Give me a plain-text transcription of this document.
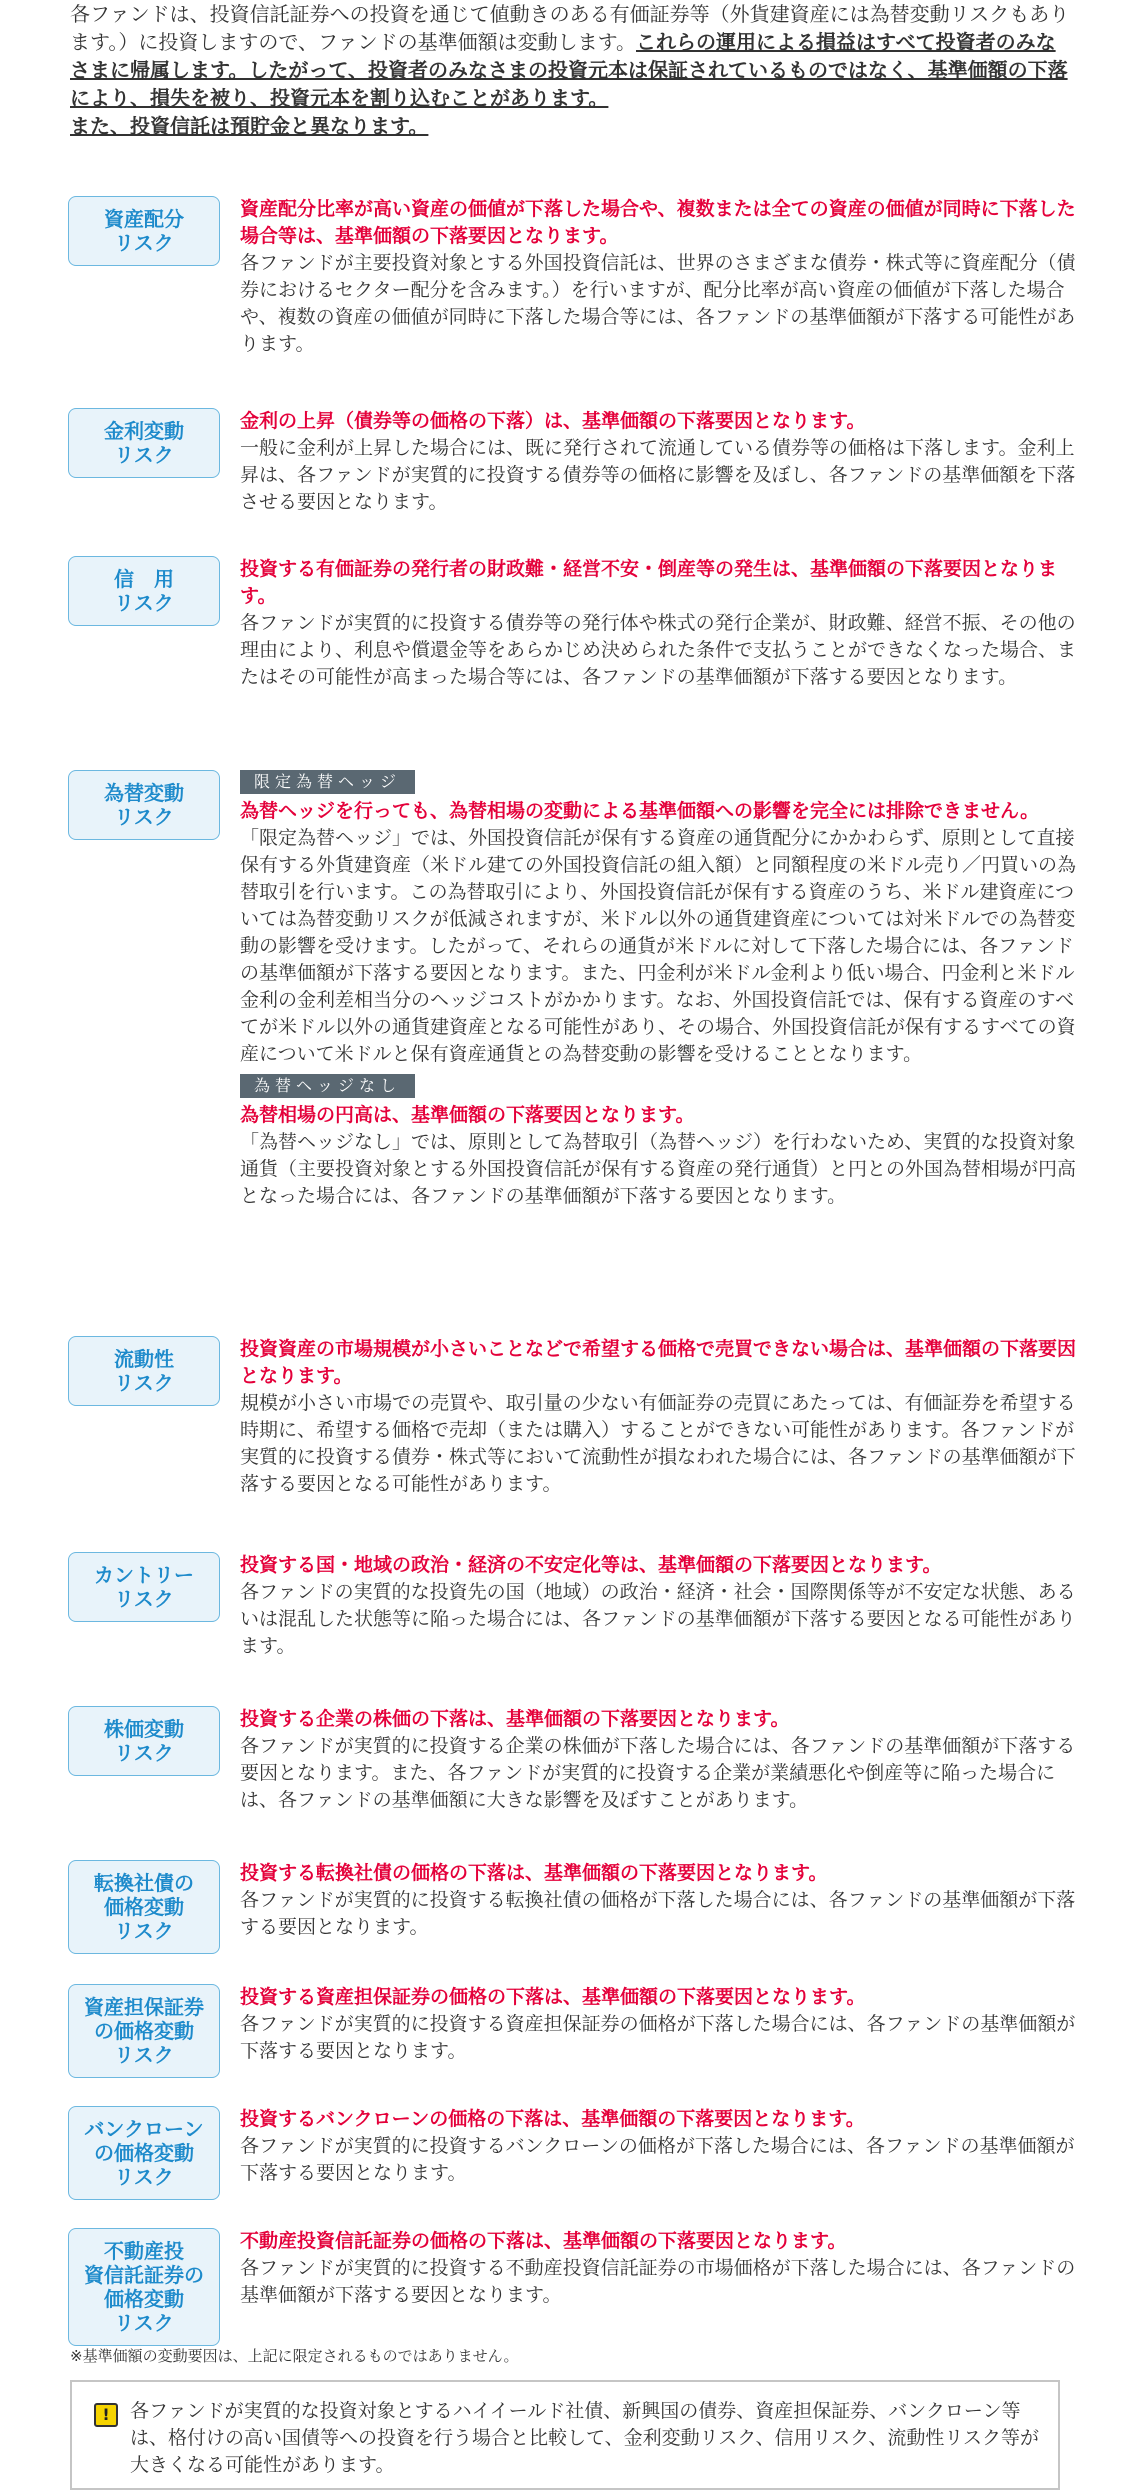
各ファンドは、投資信託証券への投資を通じて値動きのある有価証券等（外貨建資産には為替変動リスクもあります。）に投資しますので、ファンドの基準価額は変動します。これらの運用による損益はすべて投資者のみなさまに帰属します。したがって、投資者のみなさまの投資元本は保証されているものではなく、基準価額の下落により、損失を被り、投資元本を割り込むことがあります。

また、投資信託は預貯金と異なります。

資産配分
リスク

資産配分比率が高い資産の価値が下落した場合や、複数または全ての資産の価値が同時に下落した場合等は、基準価額の下落要因となります。

各ファンドが主要投資対象とする外国投資信託は、世界のさまざまな債券・株式等に資産配分（債券におけるセクター配分を含みます。）を行いますが、配分比率が高い資産の価値が下落した場合や、複数の資産の価値が同時に下落した場合等には、各ファンドの基準価額が下落する可能性があります。

金利変動
リスク

金利の上昇（債券等の価格の下落）は、基準価額の下落要因となります。

一般に金利が上昇した場合には、既に発行されて流通している債券等の価格は下落します。金利上昇は、各ファンドが実質的に投資する債券等の価格に影響を及ぼし、各ファンドの基準価額を下落させる要因となります。

信　用
リスク

投資する有価証券の発行者の財政難・経営不安・倒産等の発生は、基準価額の下落要因となります。

各ファンドが実質的に投資する債券等の発行体や株式の発行企業が、財政難、経営不振、その他の理由により、利息や償還金等をあらかじめ決められた条件で支払うことができなくなった場合、またはその可能性が高まった場合等には、各ファンドの基準価額が下落する要因となります。

為替変動
リスク
限定為替ヘッジ

為替ヘッジを行っても、為替相場の変動による基準価額への影響を完全には排除できません。

「限定為替ヘッジ」では、外国投資信託が保有する資産の通貨配分にかかわらず、原則として直接保有する外貨建資産（米ドル建ての外国投資信託の組入額）と同額程度の米ドル売り／円買いの為替取引を行います。この為替取引により、外国投資信託が保有する資産のうち、米ドル建資産については為替変動リスクが低減されますが、米ドル以外の通貨建資産については対米ドルでの為替変動の影響を受けます。したがって、それらの通貨が米ドルに対して下落した場合には、各ファンドの基準価額が下落する要因となります。また、円金利が米ドル金利より低い場合、円金利と米ドル金利の金利差相当分のヘッジコストがかかります。なお、外国投資信託では、保有する資産のすべてが米ドル以外の通貨建資産となる可能性があり、その場合、外国投資信託が保有するすべての資産について米ドルと保有資産通貨との為替変動の影響を受けることとなります。

為替ヘッジなし

為替相場の円高は、基準価額の下落要因となります。

「為替ヘッジなし」では、原則として為替取引（為替ヘッジ）を行わないため、実質的な投資対象通貨（主要投資対象とする外国投資信託が保有する資産の発行通貨）と円との外国為替相場が円高となった場合には、各ファンドの基準価額が下落する要因となります。

流動性
リスク

投資資産の市場規模が小さいことなどで希望する価格で売買できない場合は、基準価額の下落要因となります。

規模が小さい市場での売買や、取引量の少ない有価証券の売買にあたっては、有価証券を希望する時期に、希望する価格で売却（または購入）することができない可能性があります。各ファンドが実質的に投資する債券・株式等において流動性が損なわれた場合には、各ファンドの基準価額が下落する要因となる可能性があります。

カントリー
リスク

投資する国・地域の政治・経済の不安定化等は、基準価額の下落要因となります。

各ファンドの実質的な投資先の国（地域）の政治・経済・社会・国際関係等が不安定な状態、あるいは混乱した状態等に陥った場合には、各ファンドの基準価額が下落する要因となる可能性があります。

株価変動
リスク

投資する企業の株価の下落は、基準価額の下落要因となります。

各ファンドが実質的に投資する企業の株価が下落した場合には、各ファンドの基準価額が下落する要因となります。また、各ファンドが実質的に投資する企業が業績悪化や倒産等に陥った場合には、各ファンドの基準価額に大きな影響を及ぼすことがあります。

転換社債の
価格変動
リスク

投資する転換社債の価格の下落は、基準価額の下落要因となります。

各ファンドが実質的に投資する転換社債の価格が下落した場合には、各ファンドの基準価額が下落する要因となります。

資産担保証券
の価格変動
リスク

投資する資産担保証券の価格の下落は、基準価額の下落要因となります。

各ファンドが実質的に投資する資産担保証券の価格が下落した場合には、各ファンドの基準価額が下落する要因となります。

バンクローン
の価格変動
リスク

投資するバンクローンの価格の下落は、基準価額の下落要因となります。

各ファンドが実質的に投資するバンクローンの価格が下落した場合には、各ファンドの基準価額が下落する要因となります。

不動産投
資信託証券の
価格変動
リスク

不動産投資信託証券の価格の下落は、基準価額の下落要因となります。

各ファンドが実質的に投資する不動産投資信託証券の市場価格が下落した場合には、各ファンドの基準価額が下落する要因となります。

※基準価額の変動要因は、上記に限定されるものではありません。
!	各ファンドが実質的な投資対象とするハイイールド社債、新興国の債券、資産担保証券、バンクローン等は、格付けの高い国債等への投資を行う場合と比較して、金利変動リスク、信用リスク、流動性リスク等が大きくなる可能性があります。
